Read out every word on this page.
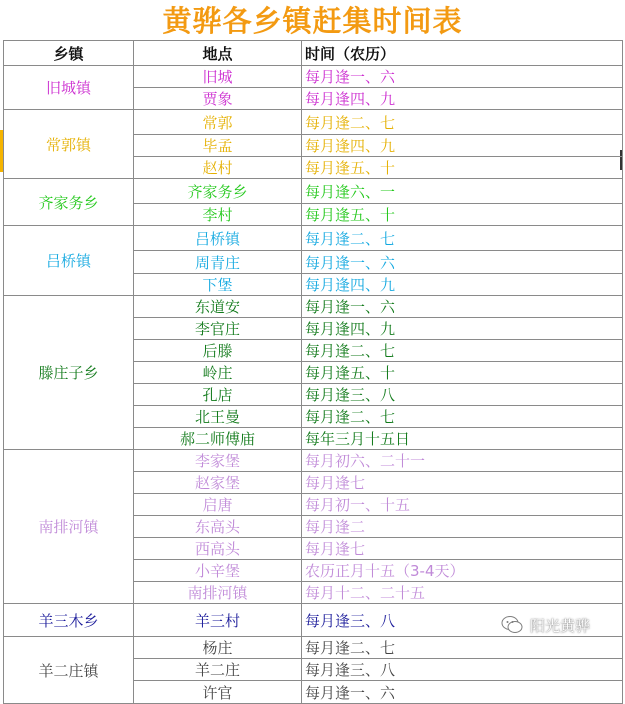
黄骅各乡镇赶集时间表
乡镇	地点	时间（农历）
旧城镇	旧城	每月逢一、六
	贾象	每月逢四、九
常郭镇	常郭	每月逢二、七
	毕孟	每月逢四、九
	赵村	每月逢五、十
齐家务乡	齐家务乡	每月逢六、一
	李村	每月逢五、十
吕桥镇	吕桥镇	每月逢二、七
	周青庄	每月逢一、六
	下堡	每月逢四、九
滕庄子乡	东道安	每月逢一、六
	李官庄	每月逢四、九
	后滕	每月逢二、七
	岭庄	每月逢五、十
	孔店	每月逢三、八
	北王曼	每月逢二、七
	郝二师傅庙	每年三月十五日
南排河镇	李家堡	每月初六、二十一
	赵家堡	每月逢七
	启唐	每月初一、十五
	东高头	每月逢二
	西高头	每月逢七
	小辛堡	农历正月十五（3-4天）
	南排河镇	每月十二、二十五
羊三木乡	羊三村	每月逢三、八
羊二庄镇	杨庄	每月逢二、七
	羊二庄	每月逢三、八
	许官	每月逢一、六
阳光黄骅
